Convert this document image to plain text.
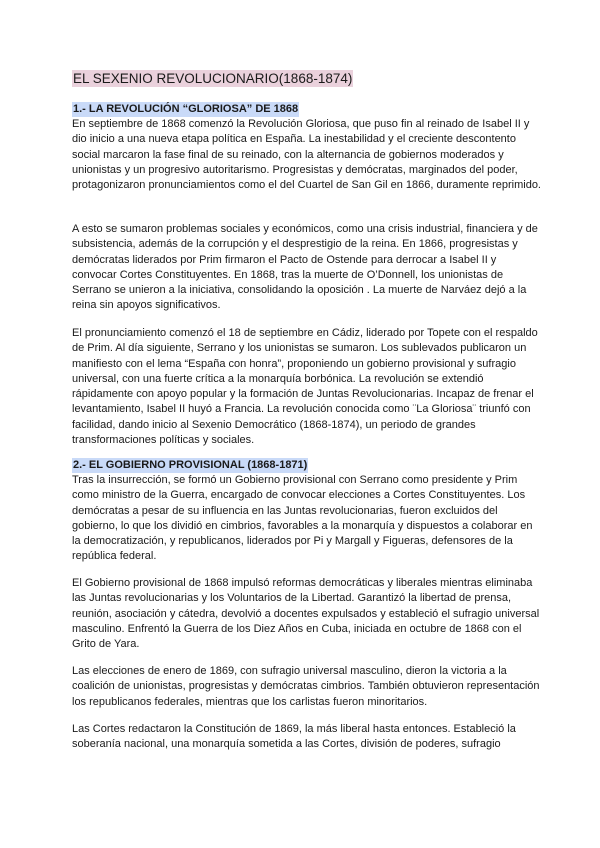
EL SEXENIO REVOLUCIONARIO(1868-1874)
1.- LA REVOLUCIÓN “GLORIOSA” DE 1868

En septiembre de 1868 comenzó la Revolución Gloriosa, que puso fin al reinado de Isabel II y dio inicio a una nueva etapa política en España. La inestabilidad y el creciente descontento social marcaron la fase final de su reinado, con la alternancia de gobiernos moderados y unionistas y un progresivo autoritarismo. Progresistas y demócratas, marginados del poder, protagonizaron pronunciamientos como el del Cuartel de San Gil en 1866, duramente reprimido.

A esto se sumaron problemas sociales y económicos, como una crisis industrial, financiera y de subsistencia, además de la corrupción y el desprestigio de la reina. En 1866, progresistas y demócratas liderados por Prim firmaron el Pacto de Ostende para derrocar a Isabel II y convocar Cortes Constituyentes. En 1868, tras la muerte de O’Donnell, los unionistas de Serrano se unieron a la iniciativa, consolidando la oposición . La muerte de Narváez dejó a la reina sin apoyos significativos.

El pronunciamiento comenzó el 18 de septiembre en Cádiz, liderado por Topete con el respaldo de Prim. Al día siguiente, Serrano y los unionistas se sumaron. Los sublevados publicaron un manifiesto con el lema “España con honra”, proponiendo un gobierno provisional y sufragio universal, con una fuerte crítica a la monarquía borbónica. La revolución se extendió rápidamente con apoyo popular y la formación de Juntas Revolucionarias. Incapaz de frenar el levantamiento, Isabel II huyó a Francia. La revolución conocida como ¨La Gloriosa¨ triunfó con facilidad, dando inicio al Sexenio Democrático (1868-1874), un periodo de grandes transformaciones políticas y sociales.

2.- EL GOBIERNO PROVISIONAL (1868-1871)

Tras la insurrección, se formó un Gobierno provisional con Serrano como presidente y Prim como ministro de la Guerra, encargado de convocar elecciones a Cortes Constituyentes. Los demócratas a pesar de su influencia en las Juntas revolucionarias, fueron excluidos del gobierno, lo que los dividió en cimbrios, favorables a la monarquía y dispuestos a colaborar en la democratización, y republicanos, liderados por Pi y Margall y Figueras, defensores de la república federal.

El Gobierno provisional de 1868 impulsó reformas democráticas y liberales mientras eliminaba las Juntas revolucionarias y los Voluntarios de la Libertad. Garantizó la libertad de prensa, reunión, asociación y cátedra, devolvió a docentes expulsados y estableció el sufragio universal masculino. Enfrentó la Guerra de los Diez Años en Cuba, iniciada en octubre de 1868 con el Grito de Yara.

Las elecciones de enero de 1869, con sufragio universal masculino, dieron la victoria a la coalición de unionistas, progresistas y demócratas cimbrios. También obtuvieron representación los republicanos federales, mientras que los carlistas fueron minoritarios.

Las Cortes redactaron la Constitución de 1869, la más liberal hasta entonces. Estableció la soberanía nacional, una monarquía sometida a las Cortes, división de poderes, sufragio
